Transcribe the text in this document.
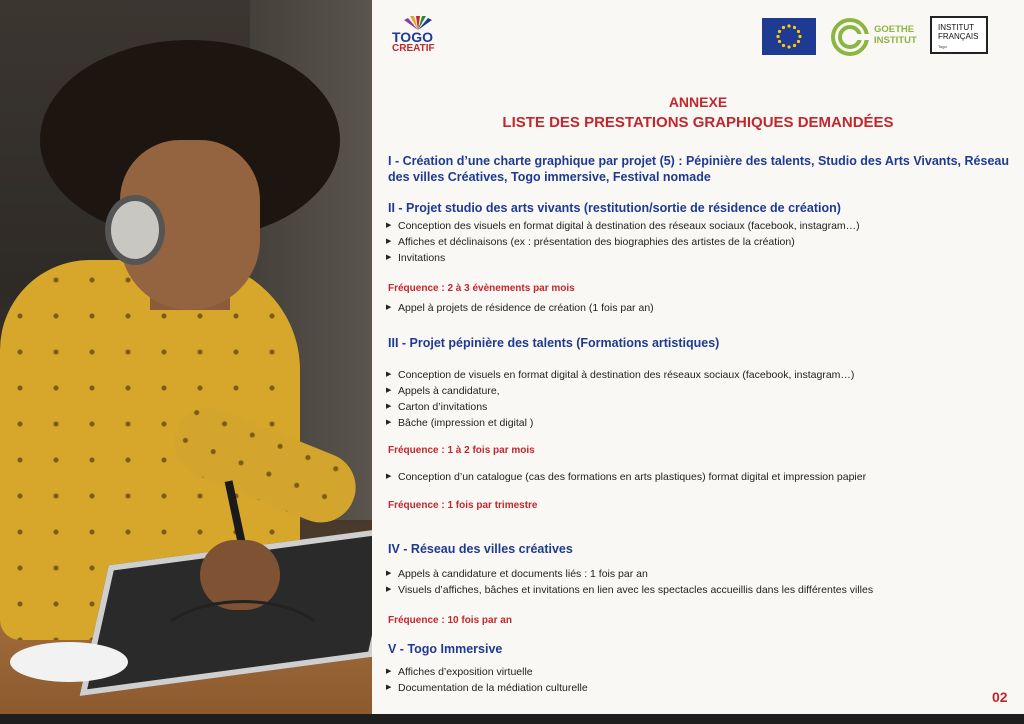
TOGO
CREATIF
GOETHE
INSTITUT
INSTITUT
FRANÇAIS
Togo
ANNEXE
LISTE DES PRESTATIONS GRAPHIQUES DEMANDÉES
I - Création d’une charte graphique par projet (5) : Pépinière des talents, Studio des Arts Vivants, Réseau des villes Créatives, Togo immersive, Festival nomade
II - Projet studio des arts vivants (restitution/sortie de résidence de création)
▶ Conception des visuels en format digital à destination des réseaux sociaux (facebook, instagram…)
▶ Affiches et déclinaisons (ex : présentation des biographies des artistes de la création)
▶ Invitations
Fréquence : 2 à 3 évènements par mois
▶ Appel à projets de résidence de création (1 fois par an)
III - Projet pépinière des talents (Formations artistiques)
▶ Conception de visuels en format digital à destination des réseaux sociaux (facebook, instagram…)
▶ Appels à candidature,
▶ Carton d’invitations
▶ Bâche (impression et digital )
Fréquence : 1 à 2 fois par mois
▶ Conception d’un catalogue (cas des formations en arts plastiques) format digital et impression papier
Fréquence : 1 fois par trimestre
IV - Réseau des villes créatives
▶ Appels à candidature et documents liés : 1 fois par an
▶ Visuels d’affiches, bâches et invitations en lien avec les spectacles accueillis dans les différentes villes
Fréquence : 10 fois par an
V - Togo Immersive
▶ Affiches d’exposition virtuelle
▶ Documentation de la médiation culturelle
02
